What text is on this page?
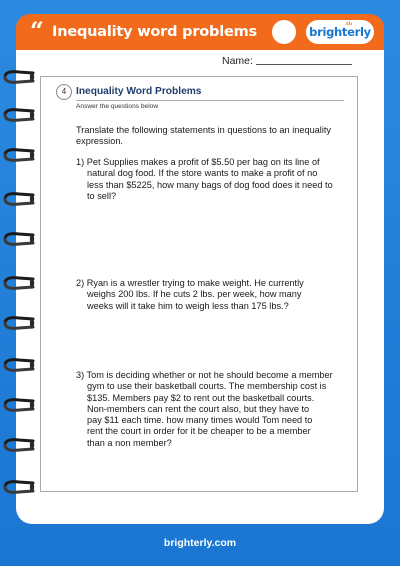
“ Inequality word problems	brighterly
Name:
4 Inequality Word Problems
Answer the questions below
Translate the following statements in questions to an inequality
expression.
1) Pet Supplies makes a profit of $5.50 per bag on its line of
natural dog food. If the store wants to make a profit of no
less than $5225, how many bags of dog food does it need to
to sell?
2) Ryan is a wrestler trying to make weight. He currently
weighs 200 lbs. If he cuts 2 lbs. per week, how many
weeks will it take him to weigh less than 175 lbs.?
3) Tom is deciding whether or not he should become a member
gym to use their basketball courts. The membership cost is
$135. Members pay $2 to rent out the basketball courts.
Non-members can rent the court also, but they have to
pay $11 each time. how many times would Tom need to
rent the court in order for it be cheaper to be a member
than a non member?
brighterly.com
